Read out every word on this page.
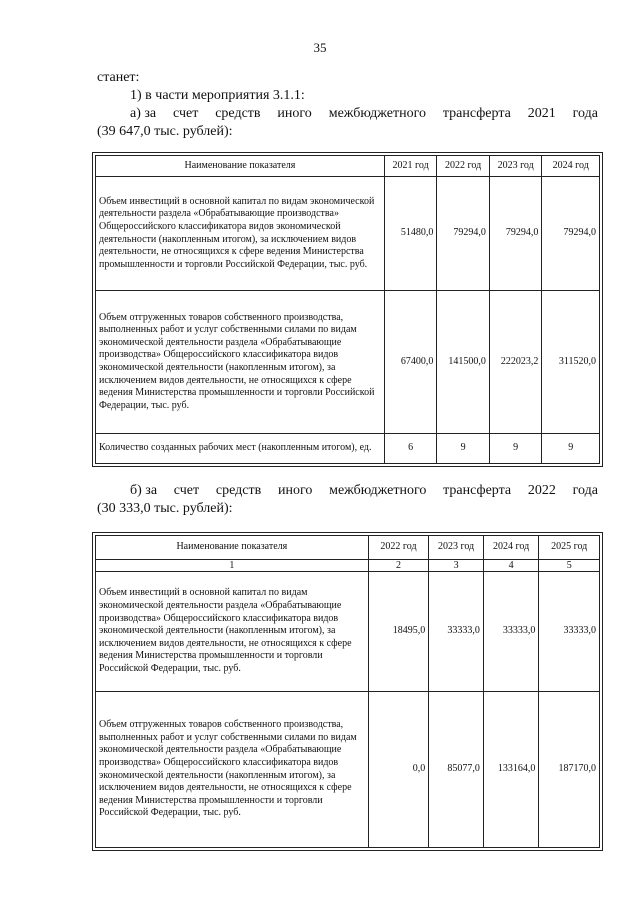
35
станет:
1) в части мероприятия 3.1.1:
а) за счет средств иного межбюджетного трансферта 2021 года
(39 647,0 тыс. рублей):
Наименование показателя	2021 год	2022 год	2023 год	2024 год
Объем инвестиций в основной капитал по видам экономической деятельности раздела «Обрабатывающие производства» Общероссийского классификатора видов экономической деятельности (накопленным итогом), за исключением видов деятельности, не относящихся к сфере ведения Министерства промышленности и торговли Российской Федерации, тыс. руб.	51480,0	79294,0	79294,0	79294,0
Объем отгруженных товаров собственного производства, выполненных работ и услуг собственными силами по видам экономической деятельности раздела «Обрабатывающие производства» Общероссийского классификатора видов экономической деятельности (накопленным итогом), за исключением видов деятельности, не относящихся к сфере ведения Министерства промышленности и торговли Российской Федерации, тыс. руб.	67400,0	141500,0	222023,2	311520,0
Количество созданных рабочих мест (накопленным итогом), ед.	6	9	9	9
б) за счет средств иного межбюджетного трансферта 2022 года
(30 333,0 тыс. рублей):
Наименование показателя	2022 год	2023 год	2024 год	2025 год
1	2	3	4	5
Объем инвестиций в основной капитал по видам экономической деятельности раздела «Обрабатывающие производства» Общероссийского классификатора видов экономической деятельности (накопленным итогом), за исключением видов деятельности, не относящихся к сфере ведения Министерства промышленности и торговли Российской Федерации, тыс. руб.	18495,0	33333,0	33333,0	33333,0
Объем отгруженных товаров собственного производства, выполненных работ и услуг собственными силами по видам экономической деятельности раздела «Обрабатывающие производства» Общероссийского классификатора видов экономической деятельности (накопленным итогом), за исключением видов деятельности, не относящихся к сфере ведения Министерства промышленности и торговли Российской Федерации, тыс. руб.	0,0	85077,0	133164,0	187170,0
